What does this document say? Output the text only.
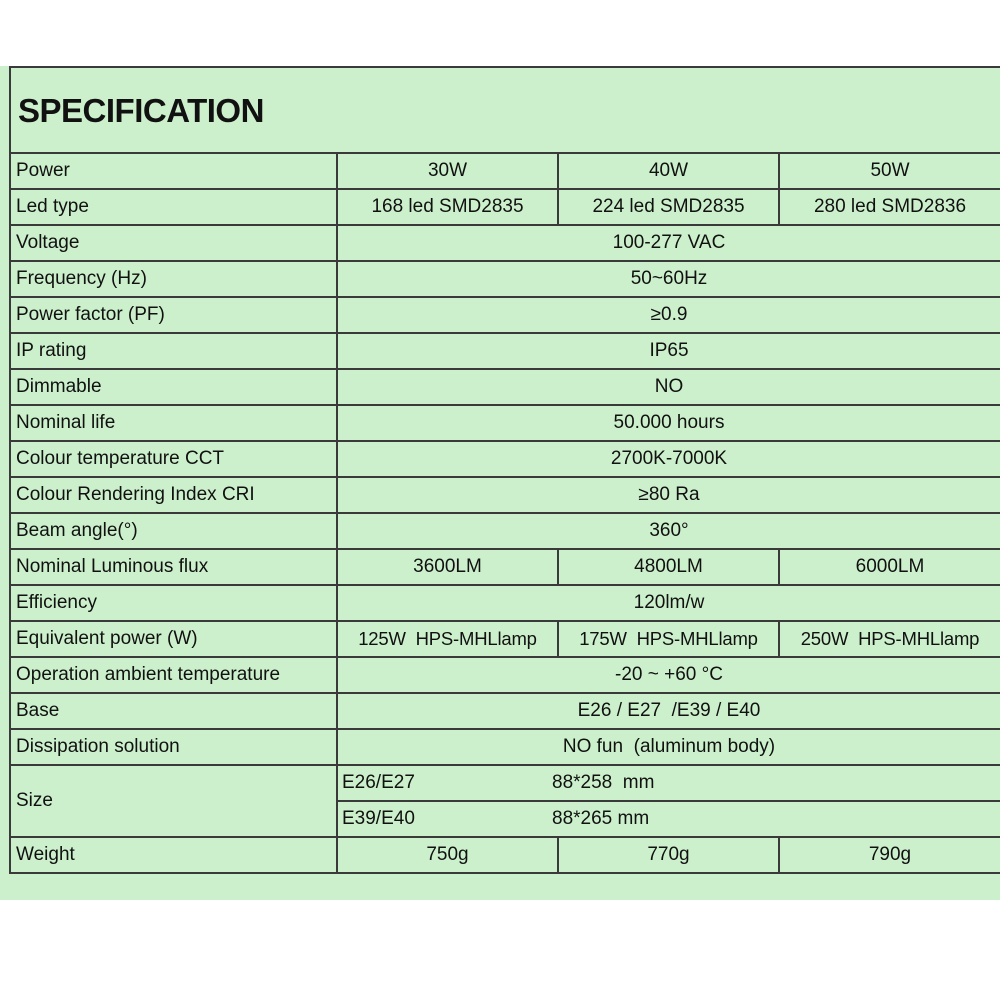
SPECIFICATION
Power	30W	40W	50W
Led type	168 led SMD2835	224 led SMD2835	280 led SMD2836
Voltage	100-277 VAC		
Frequency (Hz)	50~60Hz		
Power factor (PF)	≥0.9		
IP rating	IP65		
Dimmable	NO		
Nominal life	50.000 hours		
Colour temperature CCT	2700K-7000K		
Colour Rendering Index CRI	≥80 Ra		
Beam angle(°)	360°		
Nominal Luminous flux	3600LM	4800LM	6000LM
Efficiency	120lm/w		
Equivalent power (W)	125W  HPS-MHLlamp	175W  HPS-MHLlamp	250W  HPS-MHLlamp
Operation ambient temperature	-20 ~ +60 °C		
Base	E26 / E27  /E39 / E40		
Dissipation solution	NO fun  (aluminum body)		
Size	E26/E27 88*258  mm		

	E39/E40 88*265 mm		

Weight	750g	770g	790g
